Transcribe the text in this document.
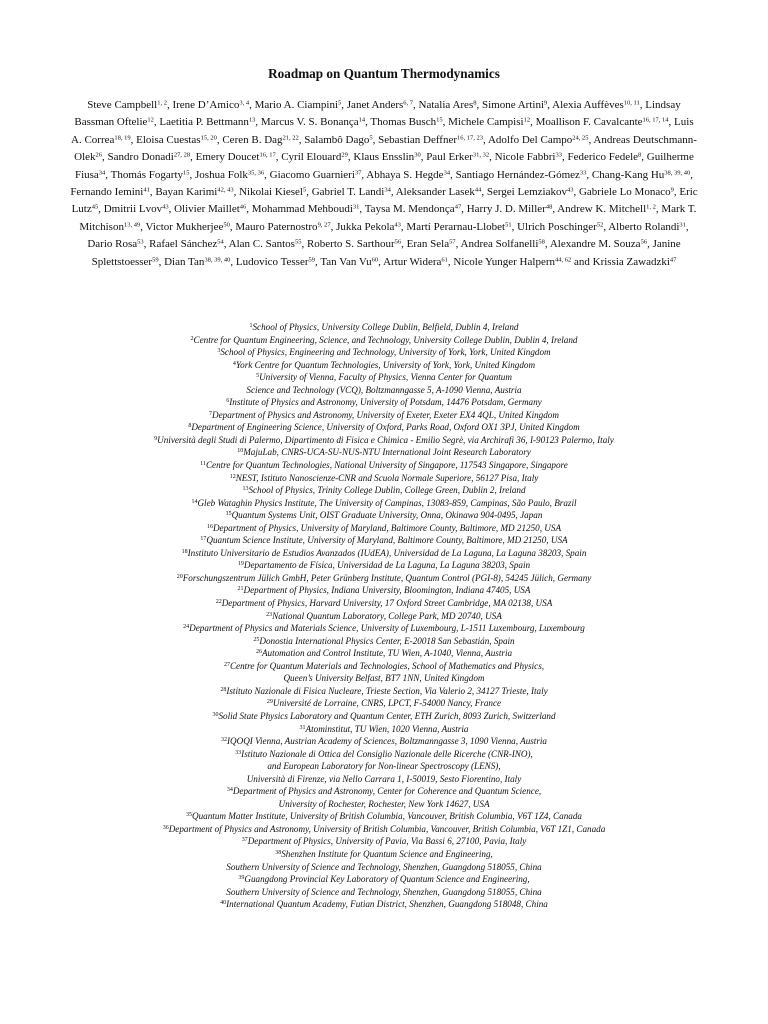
Roadmap on Quantum Thermodynamics
Steve Campbell$^{1, 2}$, Irene D’Amico$^{3, 4}$, Mario A. Ciampini$^5$, Janet Anders$^{6, 7}$, Natalia Ares$^8$, Simone Artini$^9$, Alexia Auffèves$^{10, 11}$, Lindsay Bassman Oftelie$^{12}$, Laetitia P. Bettmann$^{13}$, Marcus V. S. Bonança$^{14}$, Thomas Busch$^{15}$, Michele Campisi$^{12}$, Moallison F. Cavalcante$^{16, 17, 14}$, Luis A. Correa$^{18, 19}$, Eloisa Cuestas$^{15, 20}$, Ceren B. Dag$^{21, 22}$, Salambô Dago$^5$, Sebastian Deffner$^{16, 17, 23}$, Adolfo Del Campo$^{24, 25}$, Andreas Deutschmann-Olek$^{26}$, Sandro Donadi$^{27, 28}$, Emery Doucet$^{16, 17}$, Cyril Elouard$^{29}$, Klaus Ensslin$^{30}$, Paul Erker$^{31, 32}$, Nicole Fabbri$^{33}$, Federico Fedele$^8$, Guilherme Fiusa$^{34}$, Thomás Fogarty$^{15}$, Joshua Folk$^{35, 36}$, Giacomo Guarnieri$^{37}$, Abhaya S. Hegde$^{34}$, Santiago Hernández-Gómez$^{33}$, Chang-Kang Hu$^{38, 39, 40}$, Fernando Iemini$^{41}$, Bayan Karimi$^{42, 43}$, Nikolai Kiesel$^5$, Gabriel T. Landi$^{34}$, Aleksander Lasek$^{44}$, Sergei Lemziakov$^{43}$, Gabriele Lo Monaco$^9$, Eric Lutz$^{45}$, Dmitrii Lvov$^{43}$, Olivier Maillet$^{46}$, Mohammad Mehboudi$^{31}$, Taysa M. Mendonça$^{47}$, Harry J. D. Miller$^{48}$, Andrew K. Mitchell$^{1, 2}$, Mark T. Mitchison$^{13, 49}$, Victor Mukherjee$^{50}$, Mauro Paternostro$^{9, 27}$, Jukka Pekola$^{43}$, Martí Perarnau-Llobet$^{51}$, Ulrich Poschinger$^{52}$, Alberto Rolandi$^{31}$, Dario Rosa$^{53}$, Rafael Sánchez$^{54}$, Alan C. Santos$^{55}$, Roberto S. Sarthour$^{56}$, Eran Sela$^{57}$, Andrea Solfanelli$^{58}$, Alexandre M. Souza$^{56}$, Janine Splettstoesser$^{59}$, Dian Tan$^{38, 39, 40}$, Ludovico Tesser$^{59}$, Tan Van Vu$^{60}$, Artur Widera$^{61}$, Nicole Yunger Halpern$^{44, 62}$ and Krissia Zawadzki$^{47}$
$^1$School of Physics, University College Dublin, Belfield, Dublin 4, Ireland
$^2$Centre for Quantum Engineering, Science, and Technology, University College Dublin, Dublin 4, Ireland
$^3$School of Physics, Engineering and Technology, University of York, York, United Kingdom
$^4$York Centre for Quantum Technologies, University of York, York, United Kingdom
$^5$University of Vienna, Faculty of Physics, Vienna Center for Quantum
Science and Technology (VCQ), Boltzmanngasse 5, A-1090 Vienna, Austria
$^6$Institute of Physics and Astronomy, University of Potsdam, 14476 Potsdam, Germany
$^7$Department of Physics and Astronomy, University of Exeter, Exeter EX4 4QL, United Kingdom
$^8$Department of Engineering Science, University of Oxford, Parks Road, Oxford OX1 3PJ, United Kingdom
$^9$Università degli Studi di Palermo, Dipartimento di Fisica e Chimica - Emilio Segrè, via Archirafi 36, I-90123 Palermo, Italy
$^{10}$MajuLab, CNRS-UCA-SU-NUS-NTU International Joint Research Laboratory
$^{11}$Centre for Quantum Technologies, National University of Singapore, 117543 Singapore, Singapore
$^{12}$NEST, Istituto Nanoscienze-CNR and Scuola Normale Superiore, 56127 Pisa, Italy
$^{13}$School of Physics, Trinity College Dublin, College Green, Dublin 2, Ireland
$^{14}$Gleb Wataghin Physics Institute, The University of Campinas, 13083-859, Campinas, São Paulo, Brazil
$^{15}$Quantum Systems Unit, OIST Graduate University, Onna, Okinawa 904-0495, Japan
$^{16}$Department of Physics, University of Maryland, Baltimore County, Baltimore, MD 21250, USA
$^{17}$Quantum Science Institute, University of Maryland, Baltimore County, Baltimore, MD 21250, USA
$^{18}$Instituto Universitario de Estudios Avanzados (IUdEA), Universidad de La Laguna, La Laguna 38203, Spain
$^{19}$Departamento de Física, Universidad de La Laguna, La Laguna 38203, Spain
$^{20}$Forschungszentrum Jülich GmbH, Peter Grünberg Institute, Quantum Control (PGI-8), 54245 Jülich, Germany
$^{21}$Department of Physics, Indiana University, Bloomington, Indiana 47405, USA
$^{22}$Department of Physics, Harvard University, 17 Oxford Street Cambridge, MA 02138, USA
$^{23}$National Quantum Laboratory, College Park, MD 20740, USA
$^{24}$Department of Physics and Materials Science, University of Luxembourg, L-1511 Luxembourg, Luxembourg
$^{25}$Donostia International Physics Center, E-20018 San Sebastián, Spain
$^{26}$Automation and Control Institute, TU Wien, A-1040, Vienna, Austria
$^{27}$Centre for Quantum Materials and Technologies, School of Mathematics and Physics,
Queen’s University Belfast, BT7 1NN, United Kingdom
$^{28}$Istituto Nazionale di Fisica Nucleare, Trieste Section, Via Valerio 2, 34127 Trieste, Italy
$^{29}$Université de Lorraine, CNRS, LPCT, F-54000 Nancy, France
$^{30}$Solid State Physics Laboratory and Quantum Center, ETH Zurich, 8093 Zurich, Switzerland
$^{31}$Atominstitut, TU Wien, 1020 Vienna, Austria
$^{32}$IQOQI Vienna, Austrian Academy of Sciences, Boltzmanngasse 3, 1090 Vienna, Austria
$^{33}$Istituto Nazionale di Ottica del Consiglio Nazionale delle Ricerche (CNR-INO),
and European Laboratory for Non-linear Spectroscopy (LENS),
Università di Firenze, via Nello Carrara 1, I-50019, Sesto Fiorentino, Italy
$^{34}$Department of Physics and Astronomy, Center for Coherence and Quantum Science,
University of Rochester, Rochester, New York 14627, USA
$^{35}$Quantum Matter Institute, University of British Columbia, Vancouver, British Columbia, V6T 1Z4, Canada
$^{36}$Department of Physics and Astronomy, University of British Columbia, Vancouver, British Columbia, V6T 1Z1, Canada
$^{37}$Department of Physics, University of Pavia, Via Bassi 6, 27100, Pavia, Italy
$^{38}$Shenzhen Institute for Quantum Science and Engineering,
Southern University of Science and Technology, Shenzhen, Guangdong 518055, China
$^{39}$Guangdong Provincial Key Laboratory of Quantum Science and Engineering,
Southern University of Science and Technology, Shenzhen, Guangdong 518055, China
$^{40}$International Quantum Academy, Futian District, Shenzhen, Guangdong 518048, China
